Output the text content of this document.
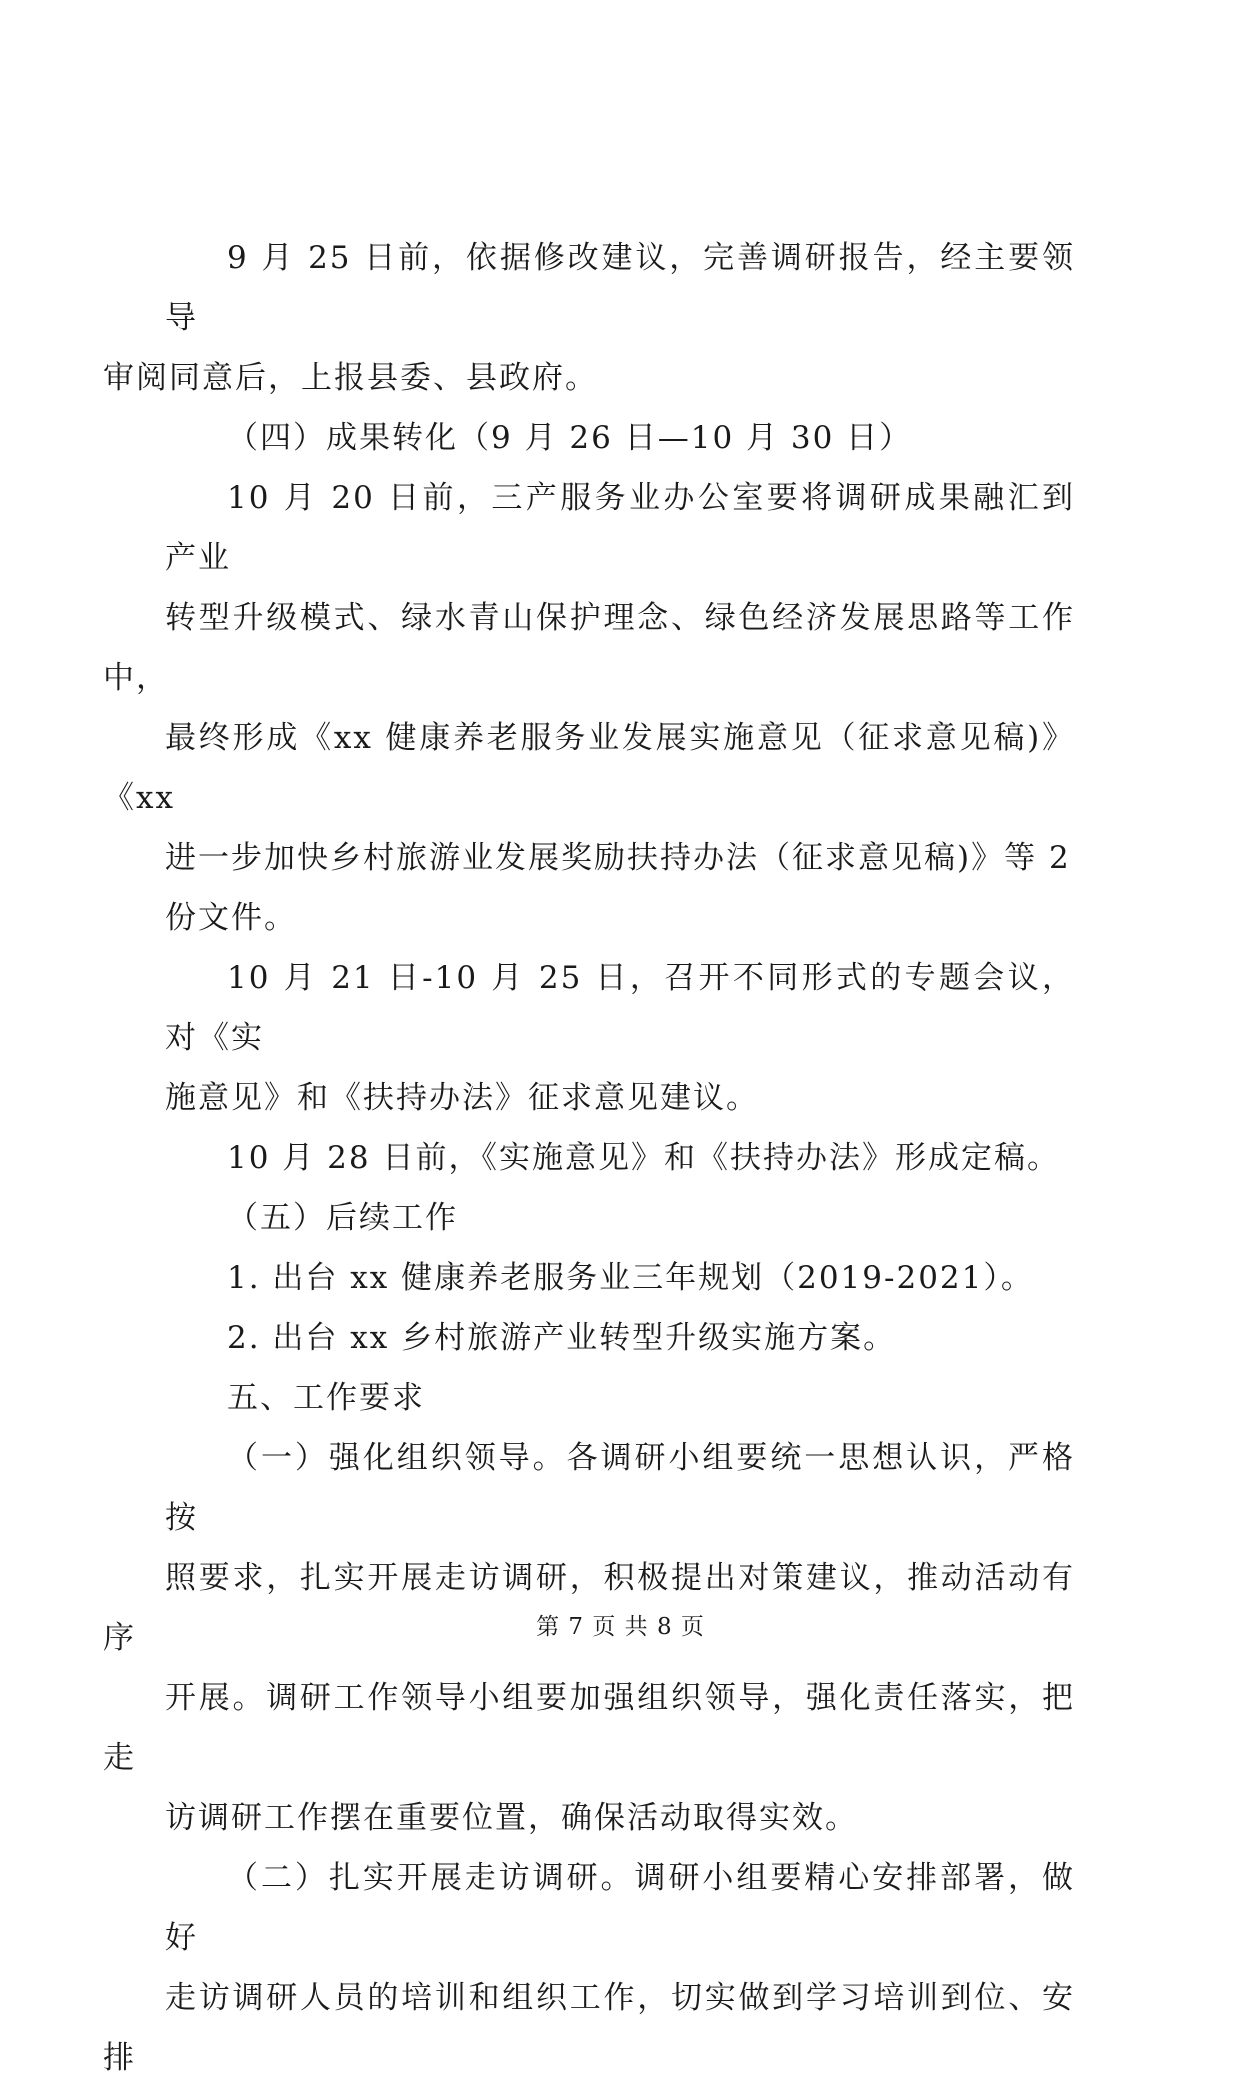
9 月 25 日前，依据修改建议，完善调研报告，经主要领导
审阅同意后，上报县委、县政府。

（四）成果转化（9 月 26 日—10 月 30 日）

10 月 20 日前，三产服务业办公室要将调研成果融汇到产业
转型升级模式、绿水青山保护理念、绿色经济发展思路等工作中，
最终形成《xx 健康养老服务业发展实施意见（征求意见稿)》《xx
进一步加快乡村旅游业发展奖励扶持办法（征求意见稿)》等 2
份文件。

10 月 21 日-10 月 25 日，召开不同形式的专题会议，对《实
施意见》和《扶持办法》征求意见建议。

10 月 28 日前，《实施意见》和《扶持办法》形成定稿。

（五）后续工作

1. 出台 xx 健康养老服务业三年规划（2019-2021）。

2. 出台 xx 乡村旅游产业转型升级实施方案。

五、工作要求

（一）强化组织领导。各调研小组要统一思想认识，严格按
照要求，扎实开展走访调研，积极提出对策建议，推动活动有序
开展。调研工作领导小组要加强组织领导，强化责任落实，把走
访调研工作摆在重要位置，确保活动取得实效。

（二）扎实开展走访调研。调研小组要精心安排部署，做好
走访调研人员的培训和组织工作，切实做到学习培训到位、安排

第 7 页 共 8 页
